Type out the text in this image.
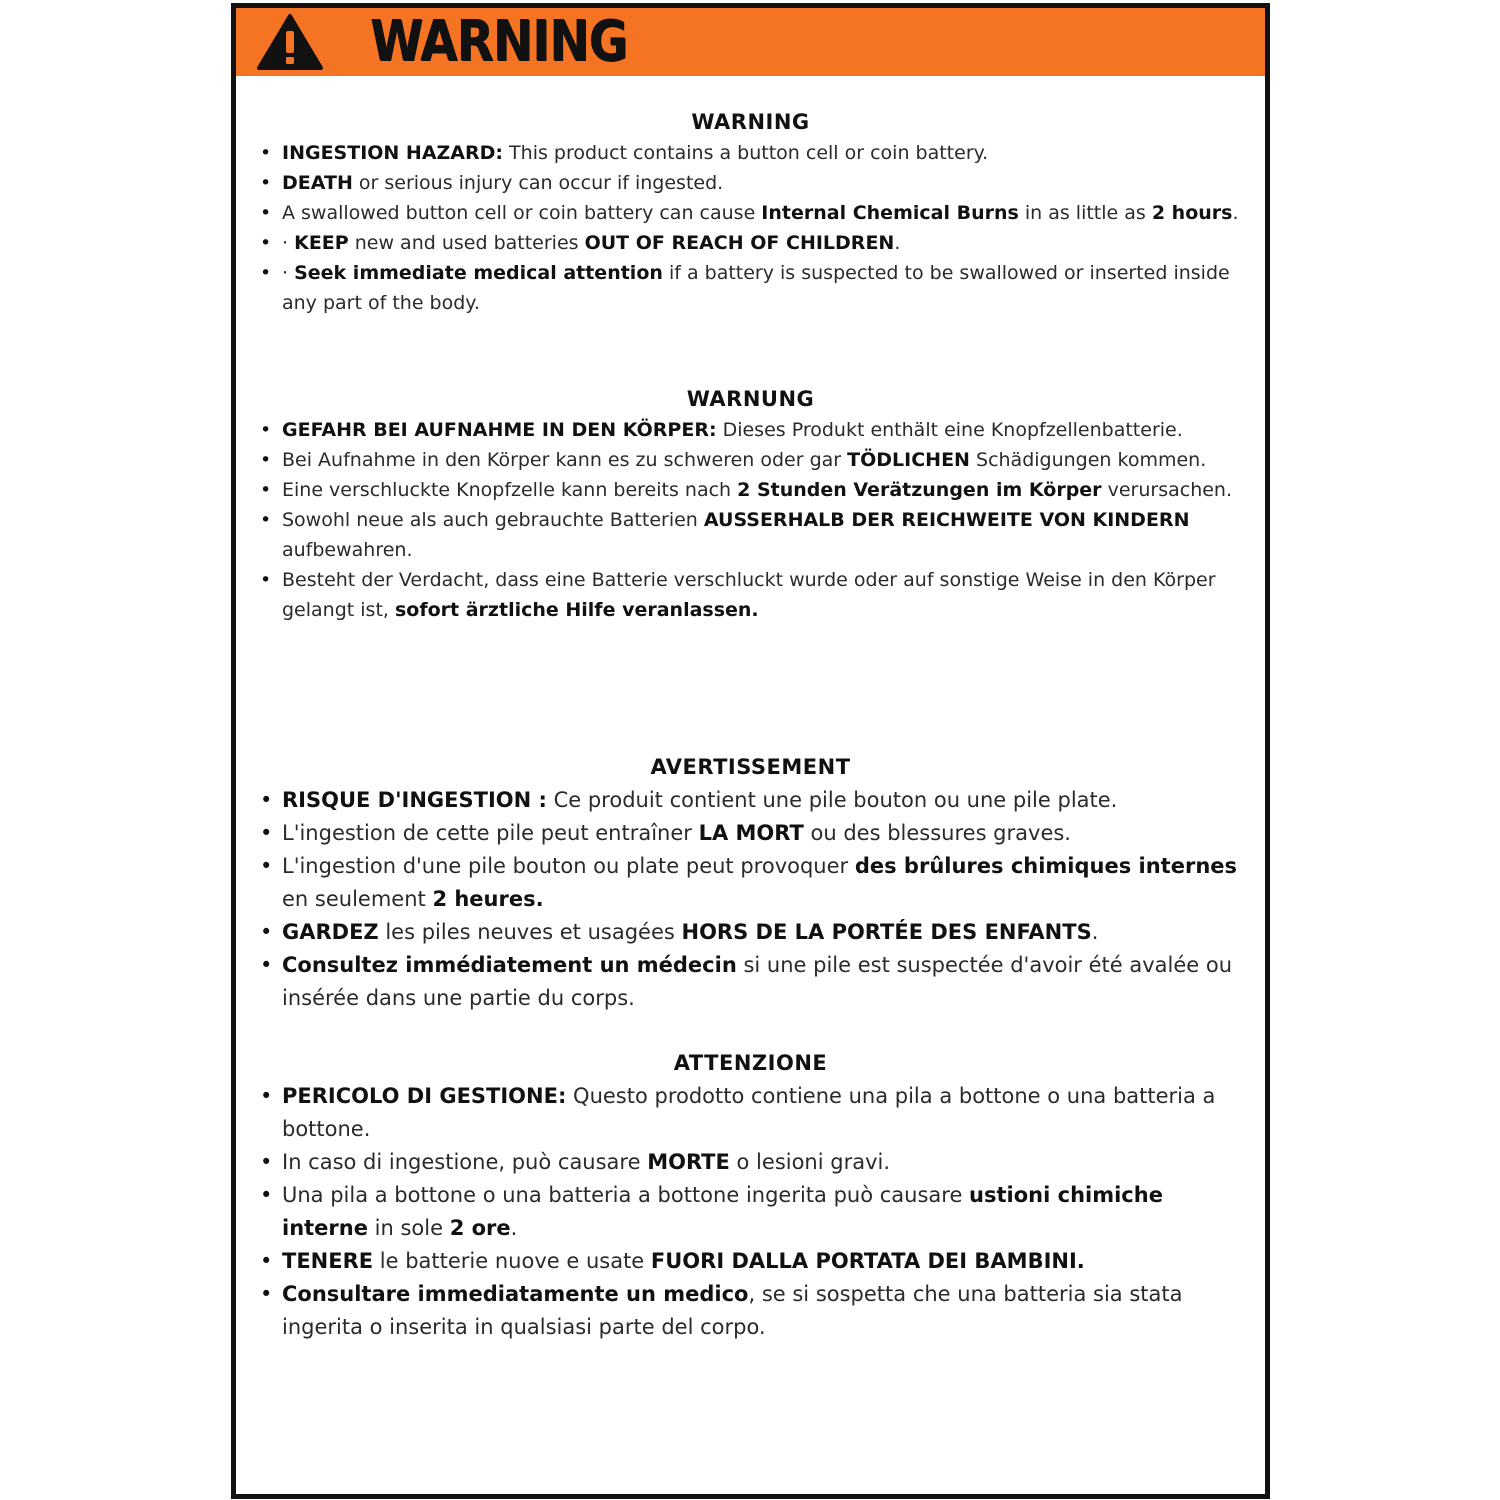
WARNING
WARNING
• INGESTION HAZARD: This product contains a button cell or coin battery.
• DEATH or serious injury can occur if ingested.
• A swallowed button cell or coin battery can cause Internal Chemical Burns in as little as 2 hours.
• · KEEP new and used batteries OUT OF REACH OF CHILDREN.
• · Seek immediate medical attention if a battery is suspected to be swallowed or inserted inside any part of the body.
WARNUNG
• GEFAHR BEI AUFNAHME IN DEN KÖRPER: Dieses Produkt enthält eine Knopfzellenbatterie.
• Bei Aufnahme in den Körper kann es zu schweren oder gar TÖDLICHEN Schädigungen kommen.
• Eine verschluckte Knopfzelle kann bereits nach 2 Stunden Verätzungen im Körper verursachen.
• Sowohl neue als auch gebrauchte Batterien AUSSERHALB DER REICHWEITE VON KINDERN aufbewahren.
• Besteht der Verdacht, dass eine Batterie verschluckt wurde oder auf sonstige Weise in den Körper gelangt ist, sofort ärztliche Hilfe veranlassen.
AVERTISSEMENT
• RISQUE D'INGESTION : Ce produit contient une pile bouton ou une pile plate.
• L'ingestion de cette pile peut entraîner LA MORT ou des blessures graves.
• L'ingestion d'une pile bouton ou plate peut provoquer des brûlures chimiques internes en seulement 2 heures.
• GARDEZ les piles neuves et usagées HORS DE LA PORTÉE DES ENFANTS.
• Consultez immédiatement un médecin si une pile est suspectée d'avoir été avalée ou insérée dans une partie du corps.
ATTENZIONE
• PERICOLO DI GESTIONE: Questo prodotto contiene una pila a bottone o una batteria a bottone.
• In caso di ingestione, può causare MORTE o lesioni gravi.
• Una pila a bottone o una batteria a bottone ingerita può causare ustioni chimiche interne in sole 2 ore.
• TENERE le batterie nuove e usate FUORI DALLA PORTATA DEI BAMBINI.
• Consultare immediatamente un medico, se si sospetta che una batteria sia stata ingerita o inserita in qualsiasi parte del corpo.
